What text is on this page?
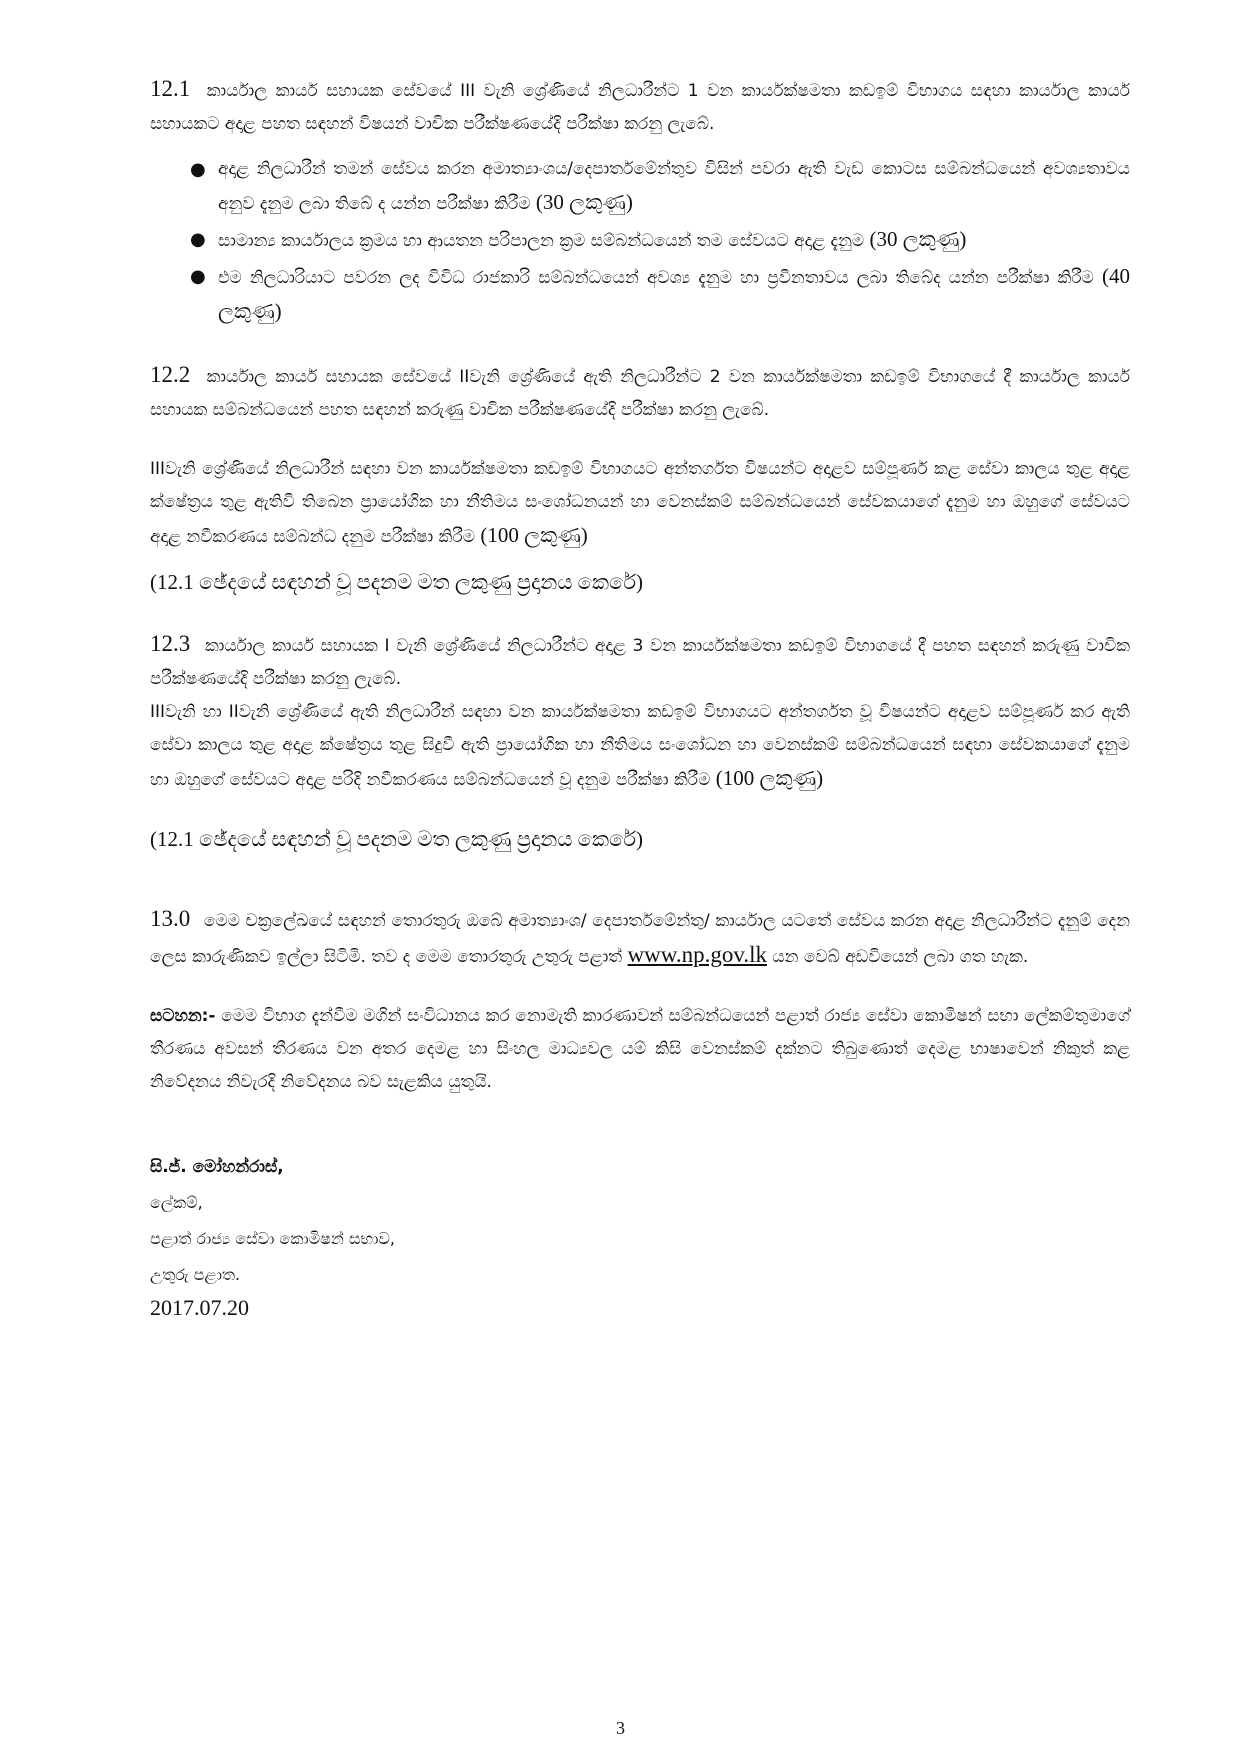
12.1 කාර්යාල කාර්ය සහායක සේවයේ III වැනි ශ්‍රේණියේ නිලධාරීන්ට 1 වන කාර්යක්ෂමතා කඩඉම් විභාගය සඳහා කාර්යාල කාර්ය සහායකට අදාළ පහත සඳහන් විෂයන් වාචික පරීක්ෂණයේදි පරීක්ෂා කරනු ලැබේ.

● අදාළ නිලධාරීන් තමන් සේවය කරන අමාත්‍යාංශය/දෙපාර්තමේන්තුව විසින් පවරා ඇති වැඩ කොටස සම්බන්ධයෙන් අවශ්‍යතාවය අනුව දැනුම ලබා තිබේ ද යන්න පරීක්ෂා කිරීම (30 ලකුණු)
● සාමාන්‍ය කාර්යාලය ක්‍රමය හා ආයතන පරිපාලන ක්‍රම සම්බන්ධයෙන් තම සේවයට අදාළ දැනුම (30 ලකුණු)
● එම නිලධාරියාට පවරන ලද විවිධ රාජකාරි සම්බන්ධයෙන් අවශ්‍ය දැනුම හා ප්‍රවීනතාවය ලබා තිබේද යන්න පරීක්ෂා කිරීම (40 ලකුණු)

12.2 කාර්යාල කාර්ය සහායක සේවයේ IIවැනි ශ්‍රේණියේ ඇති නිලධාරීන්ට 2 වන කාර්යක්ෂමතා කඩඉම් විභාගයේ දී කාර්යාල කාර්ය සහායක සම්බන්ධයෙන් පහත සඳහන් කරුණු වාචික පරීක්ෂණයේදි පරීක්ෂා කරනු ලැබේ.

IIIවැනි ශ්‍රේණියේ නිලධාරීන් සඳහා වන කාර්යක්ෂමතා කඩඉම් විභාගයට අන්තර්ගත විෂයන්ට අදාළව සම්පූර්ණ කළ සේවා කාලය තුළ අදාළ ක්ෂේත්‍රය තුළ ඇතිවී තිබෙන ප්‍රායෝගික හා නීතිමය සංශෝධනයන් හා වෙනස්කම් සම්බන්ධයෙන් සේවකයාගේ දැනුම හා ඔහුගේ සේවයට අදාළ නවීකරණය සම්බන්ධ දනුම පරීක්ෂා කිරීම (100 ලකුණු)

(12.1 ඡේදයේ සඳහන් වූ පදනම මත ලකුණු ප්‍රදානය කෙරේ)

12.3 කාර්යාල කාර්ය සහායක I වැනි ශ්‍රේණියේ නිලධාරීන්ට අදාළ 3 වන කාර්යක්ෂමතා කඩඉම් විභාගයේ දී පහත සඳහන් කරුණු වාචික පරීක්ෂණයේදි පරීක්ෂා කරනු ලැබේ.

IIIවැනි හා IIවැනි ශ්‍රේණියේ ඇති නිලධාරීන් සඳහා වන කාර්යක්ෂමතා කඩඉම් විභාගයට අන්තර්ගත වූ විෂයන්ට අදාළව සම්පූර්ණ කර ඇති සේවා කාලය තුළ අදාළ ක්ෂේත්‍රය තුළ සිදුවී ඇති ප්‍රායෝගික හා නීතිමය සංශෝධන හා වෙනස්කම් සම්බන්ධයෙන් සඳහා සේවකයාගේ දැනුම හා ඔහුගේ සේවයට අදාළ පරිදි නවීකරණය සම්බන්ධයෙන් වූ දනුම පරීක්ෂා කිරීම (100 ලකුණු)

(12.1 ඡේදයේ සඳහන් වූ පදනම මත ලකුණු ප්‍රදානය කෙරේ)

13.0 මෙම චක්‍රලේඛයේ සඳහන් තොරතුරු ඔබේ අමාත්‍යාංශ/ දෙපාර්තමේන්තු/ කාර්යාල යටතේ සේවය කරන අදාළ නිලධාරීන්ට දැනුම් දෙන ලෙස කාරුණිකව ඉල්ලා සිටිමි. තව ද මෙම තොරතුරු උතුරු පළාත් www.np.gov.lk යන වෙබ් අඩවියෙන් ලබා ගත හැක.

සටහන:- මෙම විභාග දැන්වීම මගින් සංවිධානය කර නොමැති කාරණාවන් සම්බන්ධයෙන් පළාත් රාජ්‍ය සේවා කොමිෂන් සභා ලේකම්තුමාගේ තීරණය අවසන් තීරණය වන අතර දෙමළ හා සිංහල මාධ්‍යවල යම් කිසි වෙනස්කම් දක්නට තිබුණොත් දෙමළ භාෂාවෙන් නිකුත් කළ නිවේදනය නිවැරදි නිවේදනය බව සැළකිය යුතුයි.

සි.ජ්. මෝහන්රාස්,
ලේකම්,
පළාත් රාජ්‍ය සේවා කොමිෂන් සභාව,
උතුරු පළාත.
2017.07.20
3
